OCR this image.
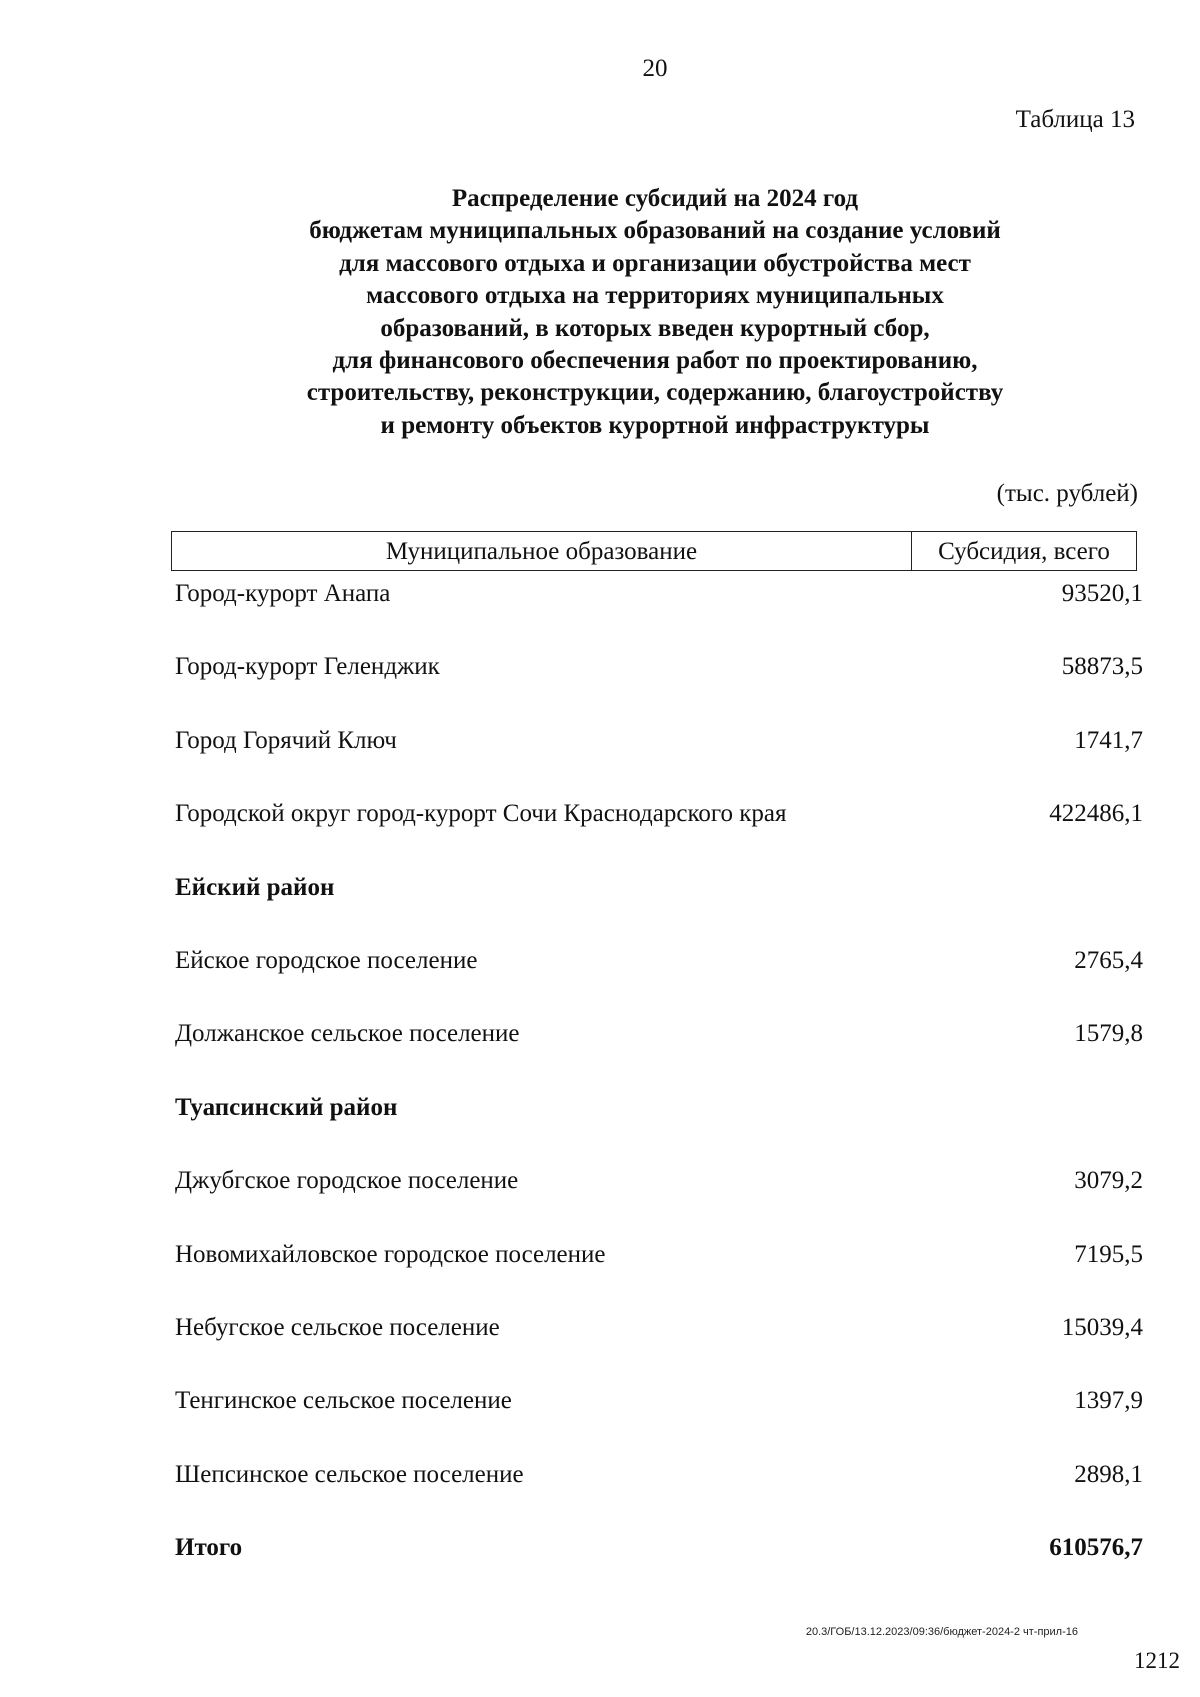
20
Таблица 13
Распределение субсидий на 2024 год
бюджетам муниципальных образований на создание условий
для массового отдыха и организации обустройства мест
массового отдыха на территориях муниципальных
образований, в которых введен курортный сбор,
для финансового обеспечения работ по проектированию,
строительству, реконструкции, содержанию, благоустройству
и ремонту объектов курортной инфраструктуры
(тыс. рублей)
Муниципальное образование	Субсидия, всего
Город-курорт Анапа	93520,1
Город-курорт Геленджик	58873,5
Город Горячий Ключ	1741,7
Городской округ город-курорт Сочи Краснодарского края	422486,1
Ейский район
Ейское городское поселение	2765,4
Должанское сельское поселение	1579,8
Туапсинский район
Джубгское городское поселение	3079,2
Новомихайловское городское поселение	7195,5
Небугское сельское поселение	15039,4
Тенгинское сельское поселение	1397,9
Шепсинское сельское поселение	2898,1
Итого	610576,7
20.3/ГОБ/13.12.2023/09:36/бюджет-2024-2 чт-прил-16
1212
